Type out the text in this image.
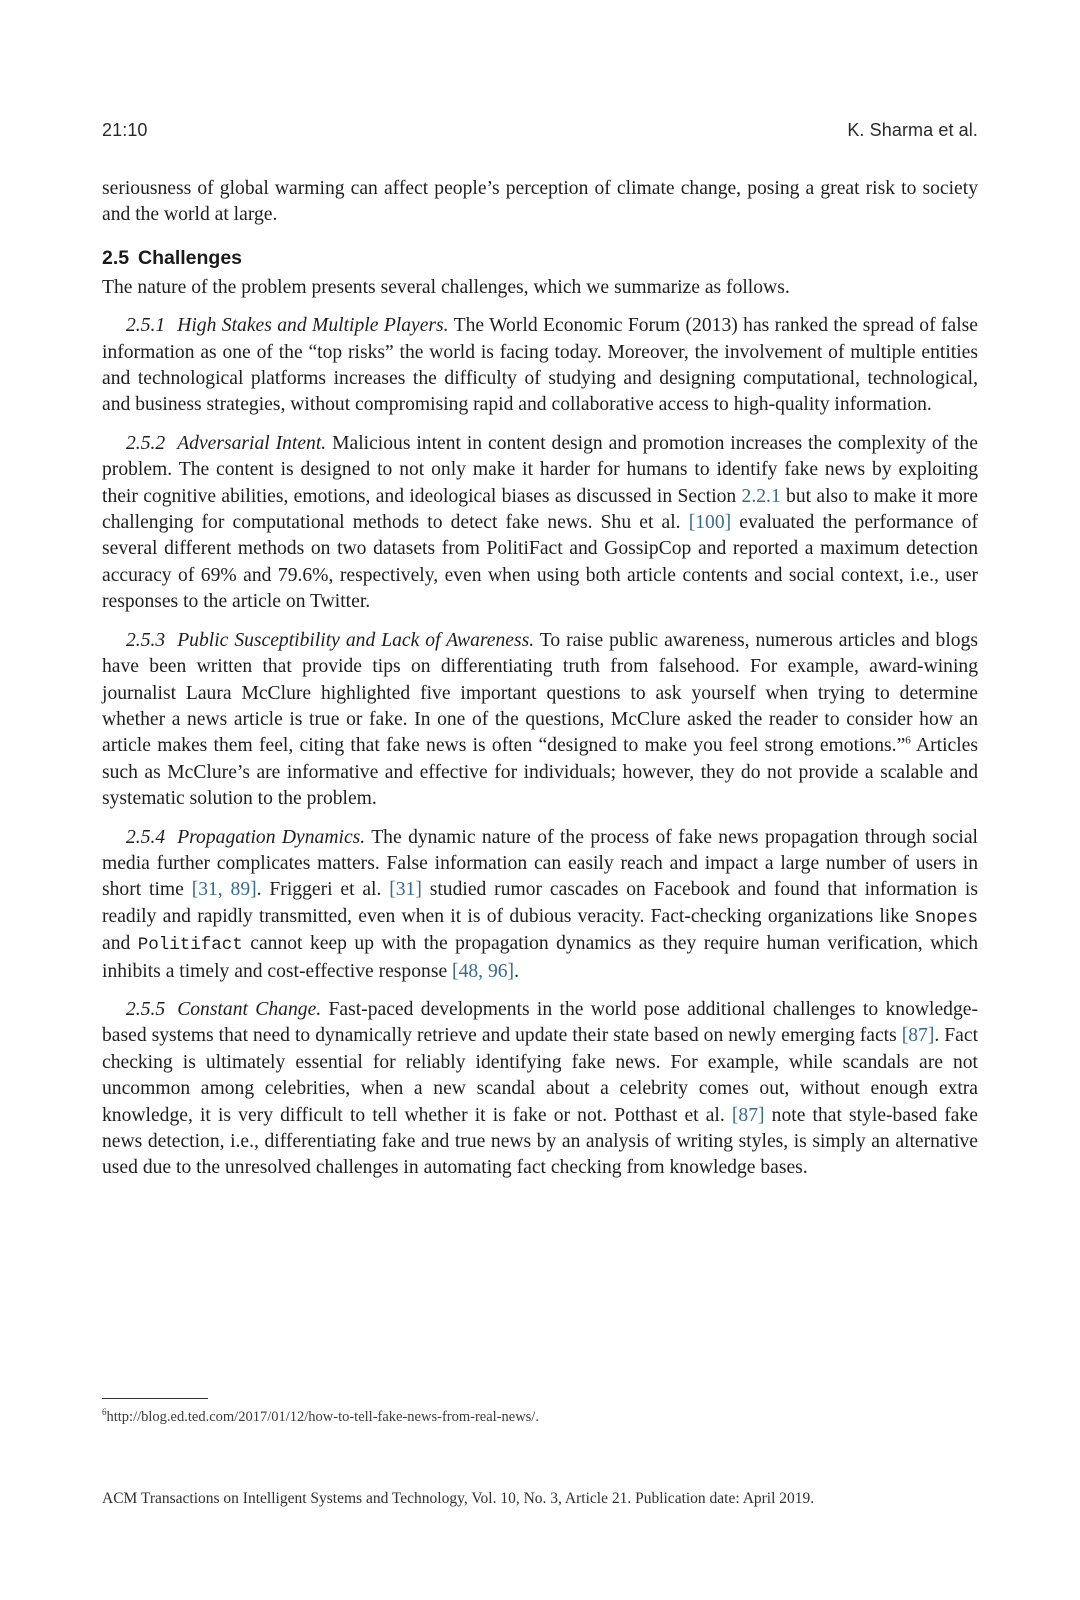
21:10	K. Sharma et al.

seriousness of global warming can affect people’s perception of climate change, posing a great risk to society and the world at large.

2.5 Challenges

The nature of the problem presents several challenges, which we summarize as follows.

2.5.1 High Stakes and Multiple Players. The World Economic Forum (2013) has ranked the spread of false information as one of the “top risks” the world is facing today. Moreover, the involvement of multiple entities and technological platforms increases the difficulty of studying and designing computational, technological, and business strategies, without compromising rapid and collaborative access to high-quality information.

2.5.2 Adversarial Intent. Malicious intent in content design and promotion increases the complexity of the problem. The content is designed to not only make it harder for humans to identify fake news by exploiting their cognitive abilities, emotions, and ideological biases as discussed in Section 2.2.1 but also to make it more challenging for computational methods to detect fake news. Shu et al. [100] evaluated the performance of several different methods on two datasets from PolitiFact and GossipCop and reported a maximum detection accuracy of 69% and 79.6%, respectively, even when using both article contents and social context, i.e., user responses to the article on Twitter.

2.5.3 Public Susceptibility and Lack of Awareness. To raise public awareness, numerous articles and blogs have been written that provide tips on differentiating truth from falsehood. For example, award-wining journalist Laura McClure highlighted five important questions to ask yourself when trying to determine whether a news article is true or fake. In one of the questions, McClure asked the reader to consider how an article makes them feel, citing that fake news is often “designed to make you feel strong emotions.”$^6$ Articles such as McClure’s are informative and effective for individuals; however, they do not provide a scalable and systematic solution to the problem.

2.5.4 Propagation Dynamics. The dynamic nature of the process of fake news propagation through social media further complicates matters. False information can easily reach and impact a large number of users in short time [31, 89]. Friggeri et al. [31] studied rumor cascades on Facebook and found that information is readily and rapidly transmitted, even when it is of dubious veracity. Fact-checking organizations like Snopes and Politifact cannot keep up with the propagation dynamics as they require human verification, which inhibits a timely and cost-effective response [48, 96].

2.5.5 Constant Change. Fast-paced developments in the world pose additional challenges to knowledge-based systems that need to dynamically retrieve and update their state based on newly emerging facts [87]. Fact checking is ultimately essential for reliably identifying fake news. For example, while scandals are not uncommon among celebrities, when a new scandal about a celebrity comes out, without enough extra knowledge, it is very difficult to tell whether it is fake or not. Potthast et al. [87] note that style-based fake news detection, i.e., differentiating fake and true news by an analysis of writing styles, is simply an alternative used due to the unresolved challenges in automating fact checking from knowledge bases.

$^6$http://blog.ed.ted.com/2017/01/12/how-to-tell-fake-news-from-real-news/.
ACM Transactions on Intelligent Systems and Technology, Vol. 10, No. 3, Article 21. Publication date: April 2019.
